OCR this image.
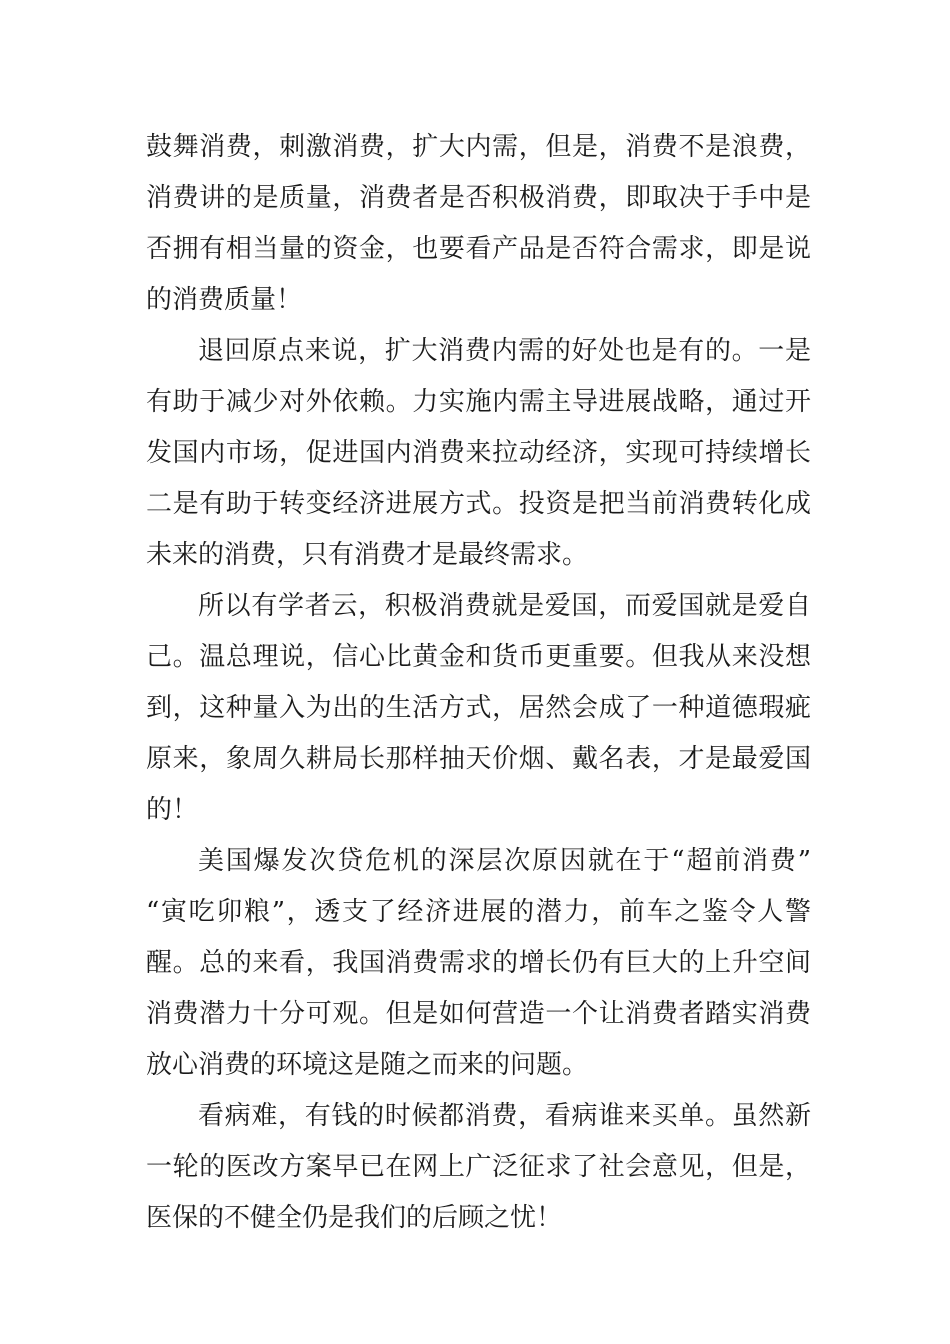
鼓舞消费，刺激消费，扩大内需，但是，消费不是浪费，
消费讲的是质量，消费者是否积极消费，即取决于手中是
否拥有相当量的资金，也要看产品是否符合需求，即是说
的消费质量！
退回原点来说，扩大消费内需的好处也是有的。一是
有助于减少对外依赖。力实施内需主导进展战略，通过开
发国内市场，促进国内消费来拉动经济，实现可持续增长
二是有助于转变经济进展方式。投资是把当前消费转化成
未来的消费，只有消费才是最终需求。
所以有学者云，积极消费就是爱国，而爱国就是爱自
己。温总理说，信心比黄金和货币更重要。但我从来没想
到，这种量入为出的生活方式，居然会成了一种道德瑕疵
原来，象周久耕局长那样抽天价烟、戴名表，才是最爱国
的！
美国爆发次贷危机的深层次原因就在于“超前消费”
“寅吃卯粮”，透支了经济进展的潜力，前车之鉴令人警
醒。总的来看，我国消费需求的增长仍有巨大的上升空间
消费潜力十分可观。但是如何营造一个让消费者踏实消费
放心消费的环境这是随之而来的问题。
看病难，有钱的时候都消费，看病谁来买单。虽然新
一轮的医改方案早已在网上广泛征求了社会意见，但是，
医保的不健全仍是我们的后顾之忧！
